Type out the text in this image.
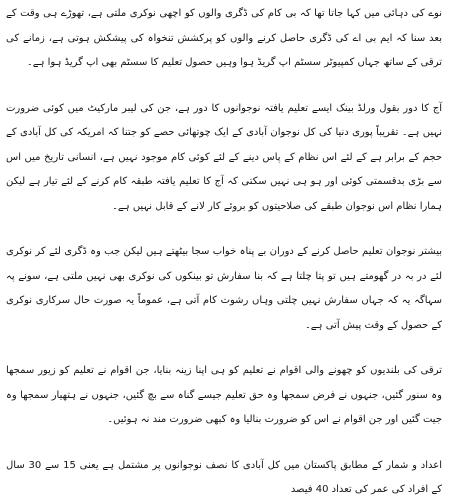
نوے کی دہائی میں کہا جاتا تھا کہ بی کام کی ڈگری والوں کو اچھی نوکری ملتی ہے، تھوڑے ہی وقت کے بعد سنا کہ ایم بی اے کی ڈگری حاصل کرنے والوں کو پرکشش تنخواہ کی پیشکش ہوتی ہے، زمانے کی ترقی کے ساتھ جہاں کمپیوٹر سسٹم اپ گریڈ ہوا وہیں حصول تعلیم کا سسٹم بھی اپ گریڈ ہوا ہے۔

آج کا دور بقول ورلڈ بینک ایسے تعلیم یافتہ نوجوانوں کا دور ہے، جن کی لیبر مارکیٹ میں کوئی ضرورت نہیں ہے۔ تقریباً پوری دنیا کی کل نوجوان آبادی کے ایک چوتھائی حصے کو جتنا کہ امریکہ کی کل آبادی کے حجم کے برابر ہے کے لئے اس نظام کے پاس دینے کے لئے کوئی کام موجود نہیں ہے، انسانی تاریخ میں اس سے بڑی بدقسمتی کوئی اور ہو ہی نہیں سکتی کہ آج کا تعلیم یافتہ طبقہ کام کرنے کے لئے تیار ہے لیکن ہمارا نظام اس نوجوان طبقے کی صلاحیتوں کو بروئے کار لانے کے قابل نہیں ہے۔

بیشتر نوجوان تعلیم حاصل کرنے کے دوران بے پناہ خواب سجا بیٹھتے ہیں لیکن جب وہ ڈگری لئے کر نوکری لئے در بہ در گھومتے ہیں تو پتا چلتا ہے کہ بنا سفارش تو بینکوں کی نوکری بھی نہیں ملتی ہے، سونے پہ سہاگہ یہ کہ جہاں سفارش نہیں چلتی وہاں رشوت کام آتی ہے، عموماً یہ صورت حال سرکاری نوکری کے حصول کے وقت پیش آتی ہے۔

ترقی کی بلندیوں کو چھونے والی اقوام نے تعلیم کو ہی اپنا زینہ بنایا، جن اقوام نے تعلیم کو زیور سمجھا وہ سنور گئیں، جنہوں نے فرض سمجھا وہ حق تعلیم جیسے گناہ سے بچ گئیں، جنہوں نے ہتھیار سمجھا وہ جیت گئیں اور جن اقوام نے اس کو ضرورت بنالیا وہ کبھی ضرورت مند نہ ہوئیں۔

اعداد و شمار کے مطابق پاکستان میں کل آبادی کا نصف نوجوانوں پر مشتمل ہے یعنی 15 سے 30 سال کے افراد کی عمر کی تعداد 40 فیصد
